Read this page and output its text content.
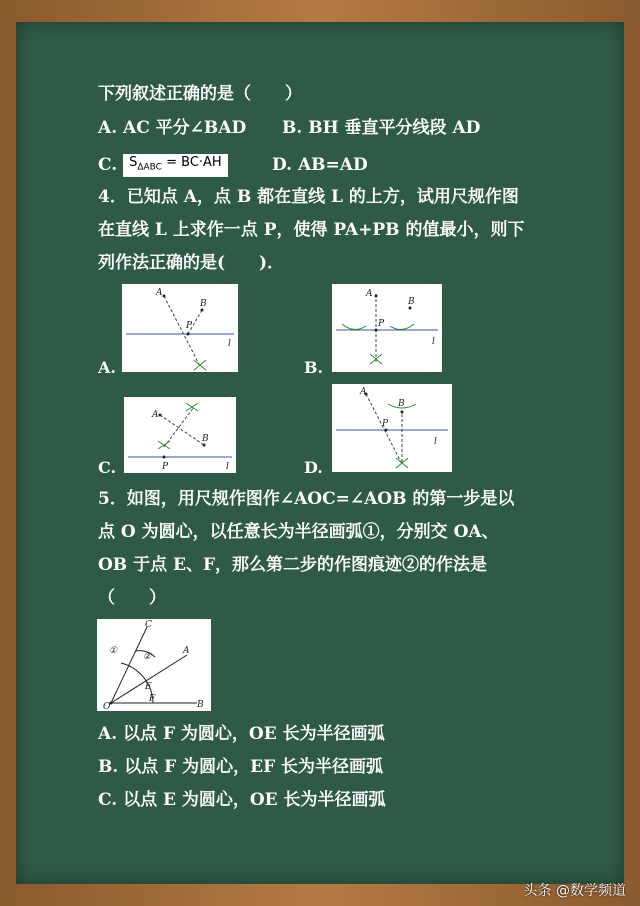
下列叙述正确的是（　　）
A. AC 平分∠BAD B. BH 垂直平分线段 AD
C. $S_{\Delta ABC} = BC\cdot AH$	D. AB=AD
4．已知点 A，点 B 都在直线 L 的上方，试用尺规作图
在直线 L 上求作一点 P，使得 PA+PB 的值最小，则下
列作法正确的是(　　)．
A.
A
B
P
l
B.
A
B
P
l
C.
A
B
P	l	D.
A
B
P
l
5．如图，用尺规作图作∠AOC=∠AOB 的第一步是以
点 O 为圆心，以任意长为半径画弧①，分别交 OA、
OB 于点 E、F，那么第二步的作图痕迹②的作法是
（　　）
C
A
O
F
B
E
①
②
A. 以点 F 为圆心，OE 长为半径画弧
B. 以点 F 为圆心，EF 长为半径画弧
C. 以点 E 为圆心，OE 长为半径画弧
头条 @数学频道
